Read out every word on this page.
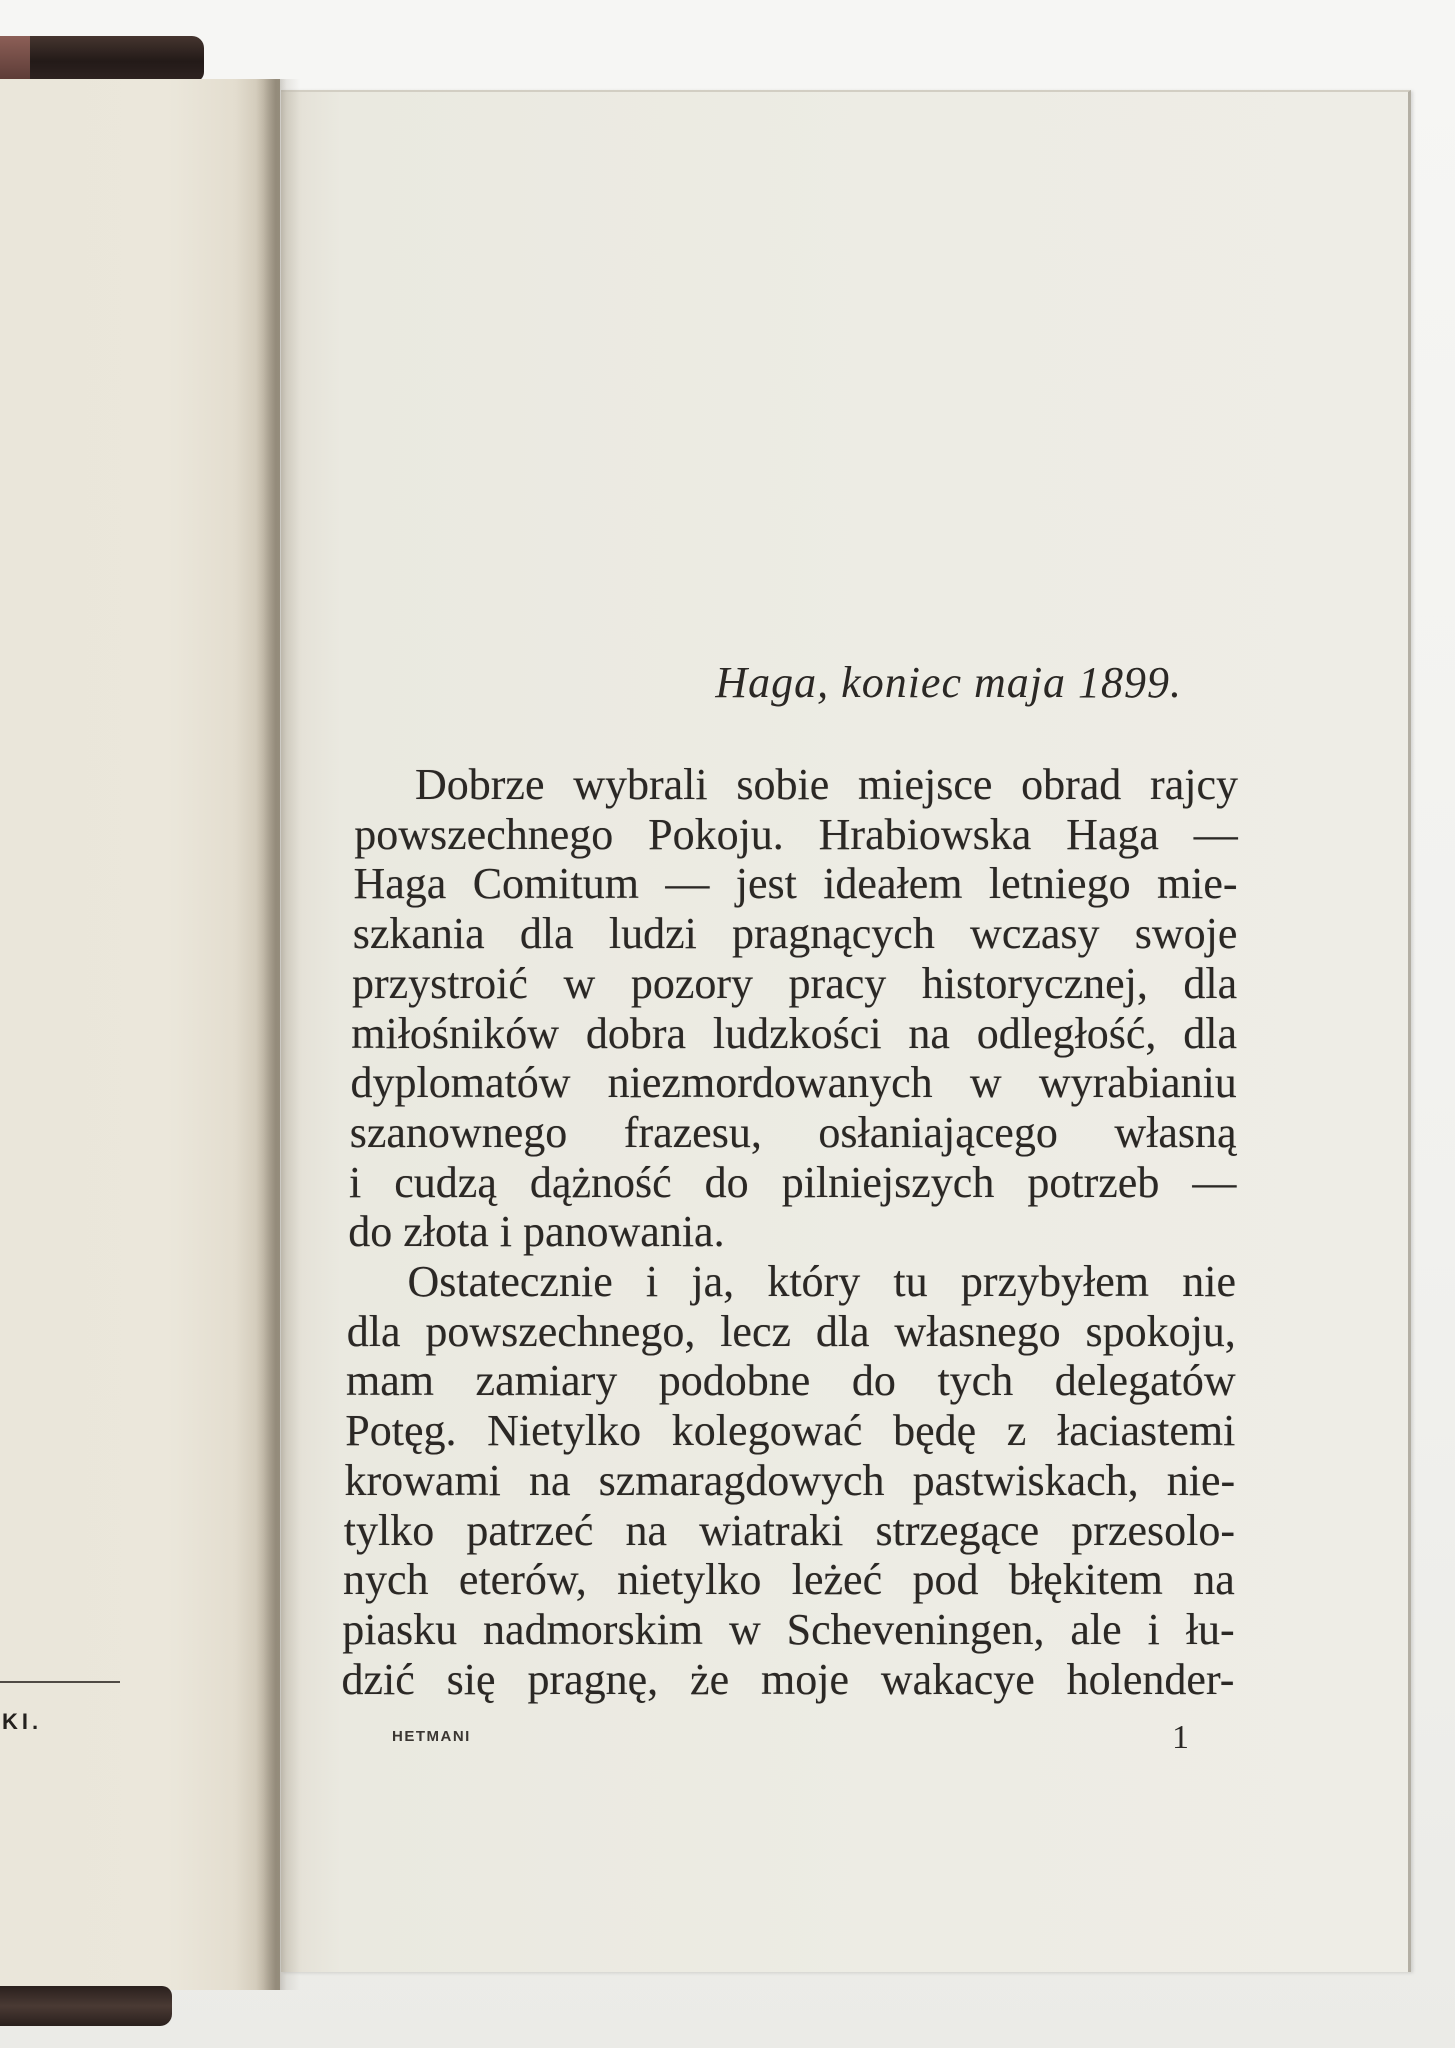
KI.
Haga, koniec maja 1899.
Dobrze wybrali sobie miejsce obrad rajcy
powszechnego Pokoju. Hrabiowska Haga —
Haga Comitum — jest ideałem letniego mie-
szkania dla ludzi pragnących wczasy swoje
przystroić w pozory pracy historycznej, dla
miłośników dobra ludzkości na odległość, dla
dyplomatów niezmordowanych w wyrabianiu
szanownego frazesu, osłaniającego własną
i cudzą dążność do pilniejszych potrzeb —
do złota i panowania.
Ostatecznie i ja, który tu przybyłem nie
dla powszechnego, lecz dla własnego spokoju,
mam zamiary podobne do tych delegatów
Potęg. Nietylko kolegować będę z łaciastemi
krowami na szmaragdowych pastwiskach, nie-
tylko patrzeć na wiatraki strzegące przesolo-
nych eterów, nietylko leżeć pod błękitem na
piasku nadmorskim w Scheveningen, ale i łu-
dzić się pragnę, że moje wakacye holender-
HETMANI	1
